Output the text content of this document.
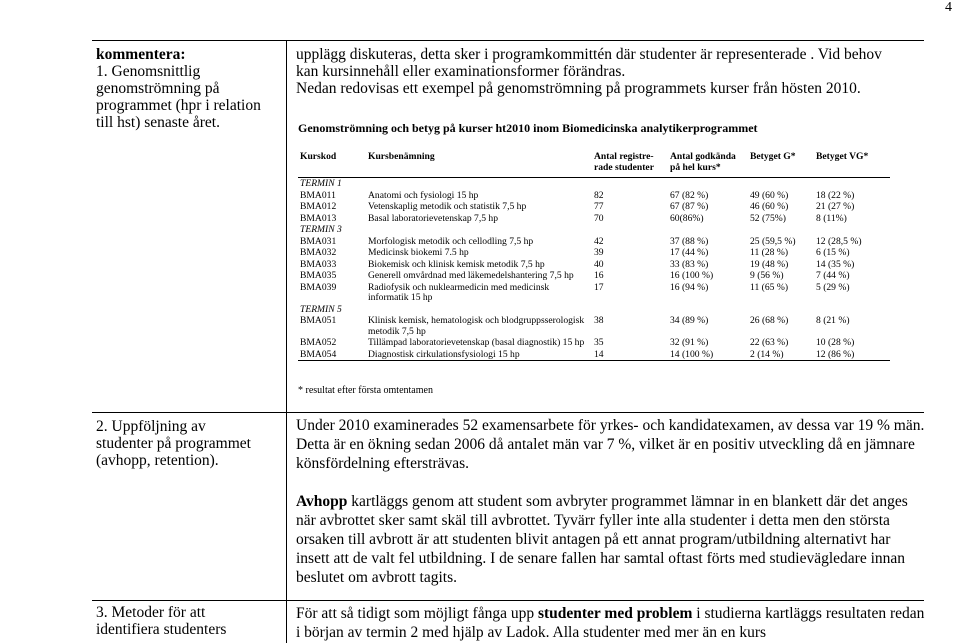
4
kommentera:
1. Genomsnittlig
genomströmning på
programmet (hpr i relation
till hst) senaste året.
upplägg diskuteras, detta sker i programkommittén där studenter är representerade . Vid behov
kan kursinnehåll eller examinationsformer förändras.
Nedan redovisas ett exempel på genomströmning på programmets kurser från hösten 2010.
Genomströmning och betyg på kurser ht2010 inom Biomedicinska analytikerprogrammet
Kurskod	Kursbenämning	Antal registre-rade studenter	Antal godkända på hel kurs*	Betyget G*	Betyget VG*
TERMIN 1					
BMA011	Anatomi och fysiologi 15 hp	82	67 (82 %)	49 (60 %)	18 (22 %)
BMA012	Vetenskaplig metodik och statistik 7,5 hp	77	67 (87 %)	46 (60 %)	21 (27 %)
BMA013	Basal laboratorievetenskap 7,5 hp	70	60(86%)	52 (75%)	8 (11%)
TERMIN 3					
BMA031	Morfologisk metodik och cellodling 7,5 hp	42	37 (88 %)	25 (59,5 %)	12 (28,5 %)
BMA032	Medicinsk biokemi 7.5 hp	39	17 (44 %)	11 (28 %)	6 (15 %)
BMA033	Biokemisk och klinisk kemisk metodik 7,5 hp	40	33 (83 %)	19 (48 %)	14 (35 %)
BMA035	Generell omvårdnad med läkemedelshantering 7,5 hp	16	16 (100 %)	9 (56 %)	7 (44 %)
BMA039	Radiofysik och nuklearmedicin med medicinsk informatik 15 hp	17	16 (94 %)	11 (65 %)	5 (29 %)
TERMIN 5					
BMA051	Klinisk kemisk, hematologisk och blodgruppsserologisk metodik 7,5 hp	38	34 (89 %)	26 (68 %)	8 (21 %)
BMA052	Tillämpad laboratorievetenskap (basal diagnostik) 15 hp	35	32 (91 %)	22 (63 %)	10 (28 %)
BMA054	Diagnostisk cirkulationsfysiologi 15 hp	14	14 (100 %)	2 (14 %)	12 (86 %)
* resultat efter första omtentamen
2. Uppföljning av
studenter på programmet
(avhopp, retention).

Under 2010 examinerades 52 examensarbete för yrkes- och kandidatexamen, av dessa var 19 % män. Detta är en ökning sedan 2006 då antalet män var 7 %, vilket är en positiv utveckling då en jämnare könsfördelning eftersträvas.

Avhopp kartläggs genom att student som avbryter programmet lämnar in en blankett där det anges när avbrottet sker samt skäl till avbrottet. Tyvärr fyller inte alla studenter i detta men den största orsaken till avbrott är att studenten blivit antagen på ett annat program/utbildning alternativt har insett att de valt fel utbildning. I de senare fallen har samtal oftast förts med studievägledare innan beslutet om avbrott tagits.

3. Metoder för att
identifiera studenters

För att så tidigt som möjligt fånga upp studenter med problem i studierna kartläggs resultaten redan i början av termin 2 med hjälp av Ladok. Alla studenter med mer än en kurs
